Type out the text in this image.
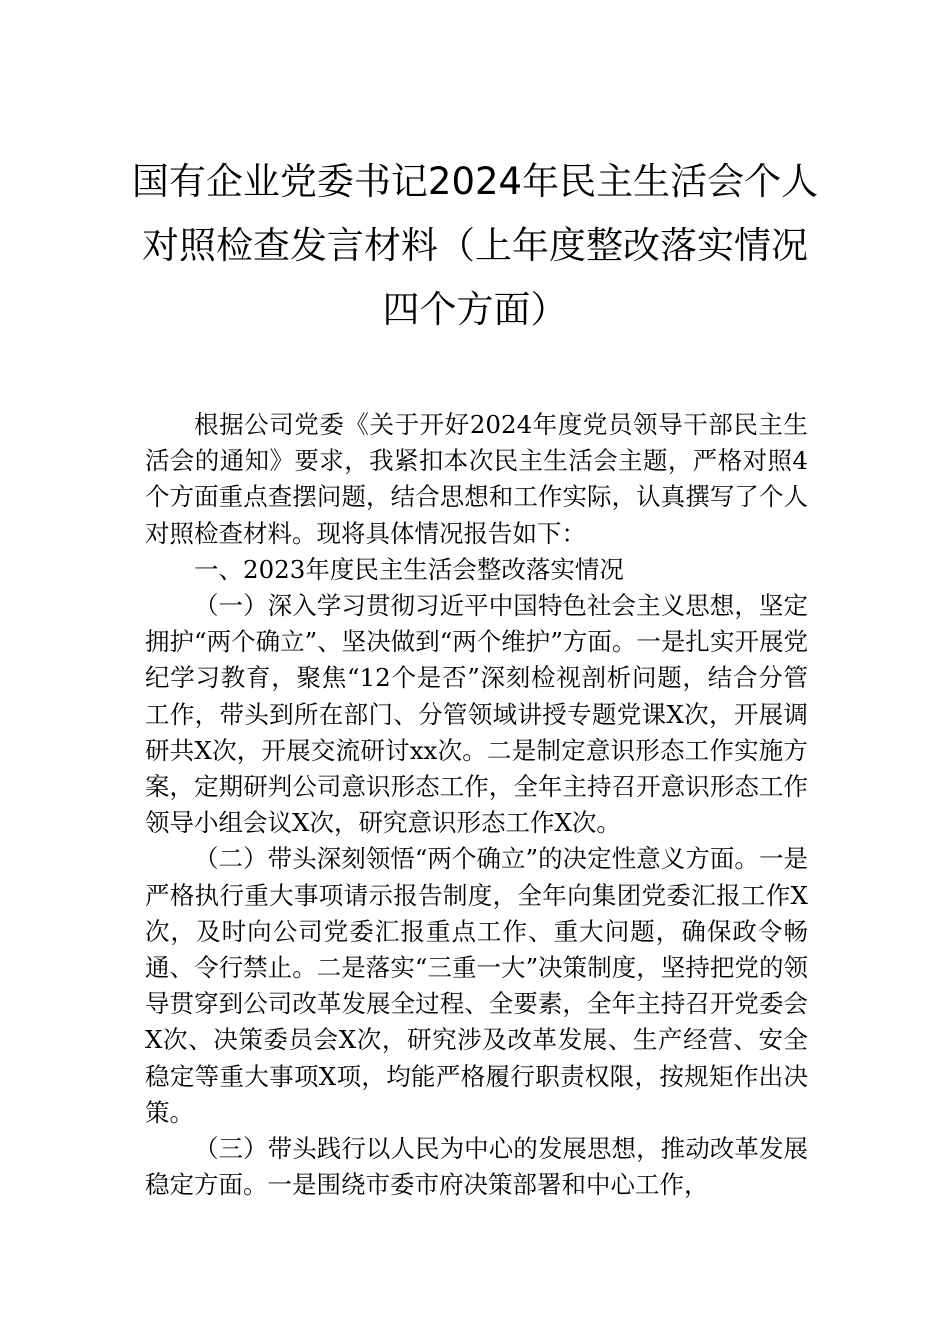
国有企业党委书记2024年民主生活会个人
对照检查发言材料（上年度整改落实情况
四个方面）

根据公司党委《关于开好2024年度党员领导干部民主生活会的通知》要求，我紧扣本次民主生活会主题，严格对照4个方面重点查摆问题，结合思想和工作实际，认真撰写了个人对照检查材料。现将具体情况报告如下：

一、2023年度民主生活会整改落实情况

（一）深入学习贯彻习近平中国特色社会主义思想，坚定拥护“两个确立”、坚决做到“两个维护”方面。一是扎实开展党纪学习教育，聚焦“12个是否”深刻检视剖析问题，结合分管工作，带头到所在部门、分管领域讲授专题党课X次，开展调研共X次，开展交流研讨xx次。二是制定意识形态工作实施方案，定期研判公司意识形态工作，全年主持召开意识形态工作领导小组会议X次，研究意识形态工作X次。

（二）带头深刻领悟“两个确立”的决定性意义方面。一是严格执行重大事项请示报告制度，全年向集团党委汇报工作X次，及时向公司党委汇报重点工作、重大问题，确保政令畅通、令行禁止。二是落实“三重一大”决策制度，坚持把党的领导贯穿到公司改革发展全过程、全要素，全年主持召开党委会X次、决策委员会X次，研究涉及改革发展、生产经营、安全稳定等重大事项X项，均能严格履行职责权限，按规矩作出决策。

（三）带头践行以人民为中心的发展思想，推动改革发展稳定方面。一是围绕市委市府决策部署和中心工作，
